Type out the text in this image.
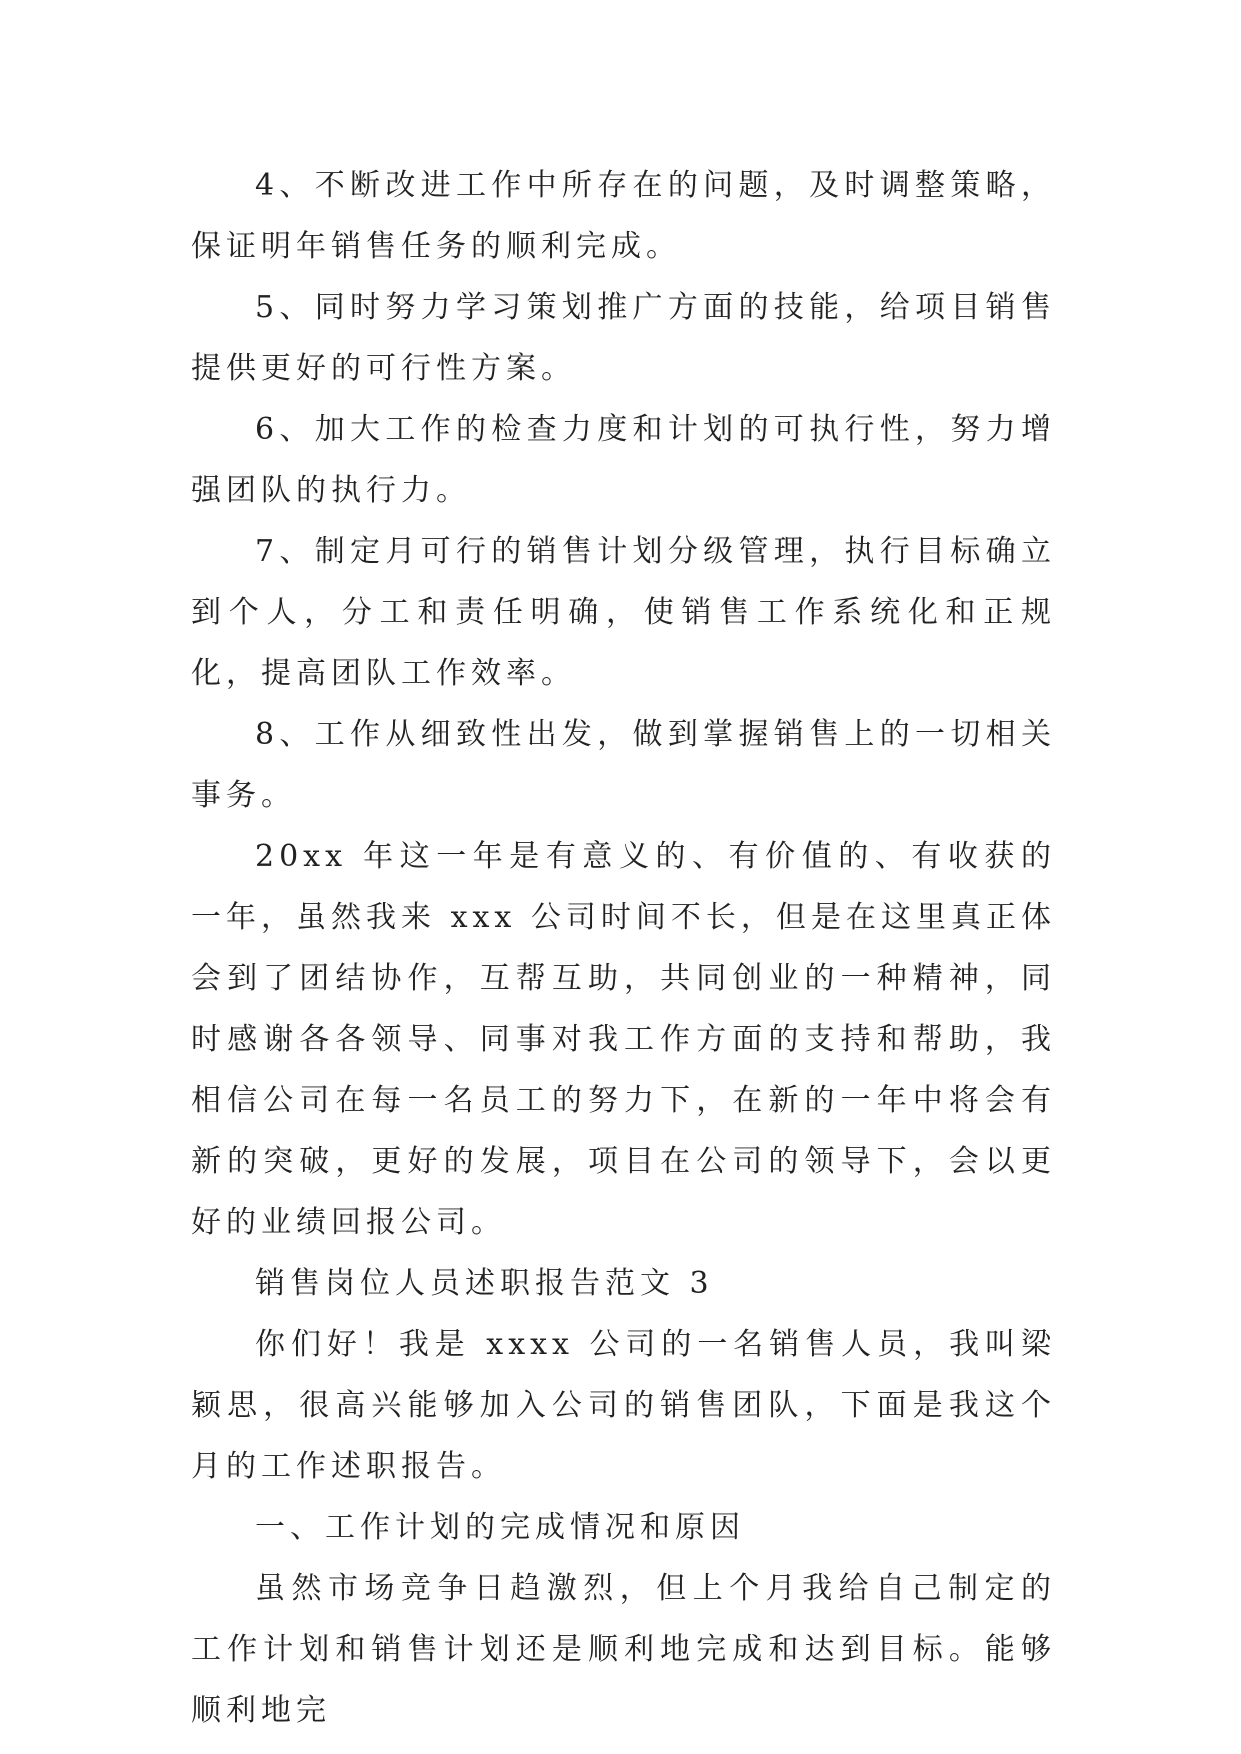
4、不断改进工作中所存在的问题，及时调整策略，保证明年销售任务的顺利完成。

5、同时努力学习策划推广方面的技能，给项目销售提供更好的可行性方案。

6、加大工作的检查力度和计划的可执行性，努力增强团队的执行力。

7、制定月可行的销售计划分级管理，执行目标确立到个人，分工和责任明确，使销售工作系统化和正规化，提高团队工作效率。

8、工作从细致性出发，做到掌握销售上的一切相关事务。

20xx 年这一年是有意义的、有价值的、有收获的一年，虽然我来 xxx 公司时间不长，但是在这里真正体会到了团结协作，互帮互助，共同创业的一种精神，同时感谢各各领导、同事对我工作方面的支持和帮助，我相信公司在每一名员工的努力下，在新的一年中将会有新的突破，更好的发展，项目在公司的领导下，会以更好的业绩回报公司。

销售岗位人员述职报告范文 3

你们好！我是 xxxx 公司的一名销售人员，我叫梁颖思，很高兴能够加入公司的销售团队，下面是我这个月的工作述职报告。

一、工作计划的完成情况和原因

虽然市场竞争日趋激烈，但上个月我给自己制定的工作计划和销售计划还是顺利地完成和达到目标。能够顺利地完
